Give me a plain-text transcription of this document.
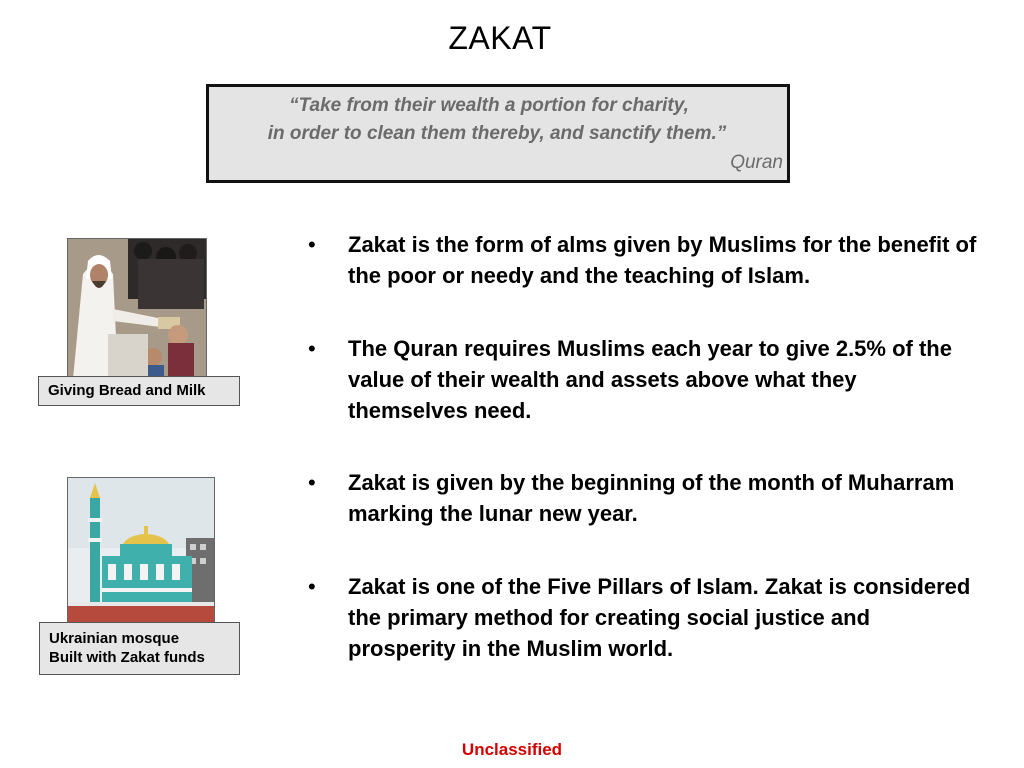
ZAKAT
“Take from their wealth a portion for charity,
in order to clean them thereby, and sanctify them.”
Quran
Giving Bread and Milk
Ukrainian mosque
Built with Zakat funds
• Zakat is the form of alms given by Muslims for the benefit of the poor or needy and the teaching of Islam.
• The Quran requires Muslims each year to give 2.5% of the value of their wealth and assets above what they themselves need.
• Zakat is given by the beginning of the month of Muharram marking the lunar new year.
• Zakat is one of the Five Pillars of Islam. Zakat is considered the primary method for creating social justice and prosperity in the Muslim world.
Unclassified
